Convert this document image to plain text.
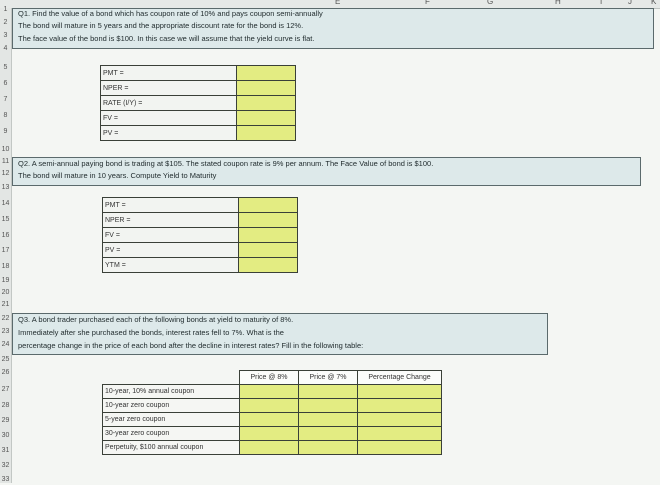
E	F	G	H	I	J K
1
2
3
4
5
6
7
8
9
10
11
12
13
14
15
16
17
18
19
20
21
22
23
24
25
26
27
28
29
30
31
32
33
Q1. Find the value of a bond which has coupon rate of 10% and pays coupon semi-annually
The bond will mature in 5 years and the appropriate discount rate for the bond is 12%.
The face value of the bond is $100. In this case we will assume that the yield curve is flat.
PMT =	
NPER =	
RATE (I/Y) =	
FV =	
PV =	
Q2. A semi-annual paying bond is trading at $105. The stated coupon rate is 9% per annum. The Face Value of bond is $100.
The bond will mature in 10 years. Compute Yield to Maturity
PMT =	
NPER =	
FV =	
PV =	
YTM =	
Q3. A bond trader purchased each of the following bonds at yield to maturity of 8%.
Immediately after she purchased the bonds, interest rates fell to 7%. What is the
percentage change in the price of each bond after the decline in interest rates? Fill in the following table:
	Price @ 8%	Price @ 7%	Percentage Change
10-year, 10% annual coupon			
10-year zero coupon			
5-year zero coupon			
30-year zero coupon			
Perpetuity, $100 annual coupon			
